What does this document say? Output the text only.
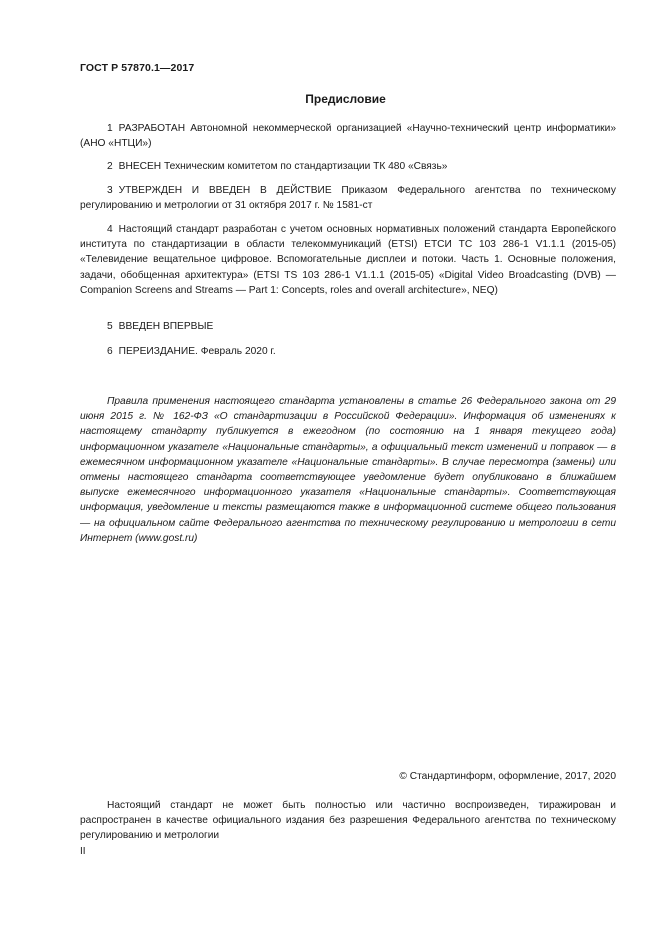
ГОСТ Р 57870.1—2017
Предисловие
1 РАЗРАБОТАН Автономной некоммерческой организацией «Научно-технический центр информатики» (АНО «НТЦИ»)
2 ВНЕСЕН Техническим комитетом по стандартизации ТК 480 «Связь»
3 УТВЕРЖДЕН И ВВЕДЕН В ДЕЙСТВИЕ Приказом Федерального агентства по техническому регулированию и метрологии от 31 октября 2017 г. № 1581-ст
4 Настоящий стандарт разработан с учетом основных нормативных положений стандарта Европейского института по стандартизации в области телекоммуникаций (ETSI) ЕТСИ TC 103 286-1 V1.1.1 (2015-05) «Телевидение вещательное цифровое. Вспомогательные дисплеи и потоки. Часть 1. Основные положения, задачи, обобщенная архитектура» (ETSI TS 103 286-1 V1.1.1 (2015-05) «Digital Video Broadcasting (DVB) — Companion Screens and Streams — Part 1: Concepts, roles and overall architecture», NEQ)
5 ВВЕДЕН ВПЕРВЫЕ
6 ПЕРЕИЗДАНИЕ. Февраль 2020 г.
Правила применения настоящего стандарта установлены в статье 26 Федерального закона от 29 июня 2015 г. № 162-ФЗ «О стандартизации в Российской Федерации». Информация об изменениях к настоящему стандарту публикуется в ежегодном (по состоянию на 1 января текущего года) информационном указателе «Национальные стандарты», а официальный текст изменений и поправок — в ежемесячном информационном указателе «Национальные стандарты». В случае пересмотра (замены) или отмены настоящего стандарта соответствующее уведомление будет опубликовано в ближайшем выпуске ежемесячного информационного указателя «Национальные стандарты». Соответствующая информация, уведомление и тексты размещаются также в информационной системе общего пользования — на официальном сайте Федерального агентства по техническому регулированию и метрологии в сети Интернет (www.gost.ru)
© Стандартинформ, оформление, 2017, 2020
Настоящий стандарт не может быть полностью или частично воспроизведен, тиражирован и распространен в качестве официального издания без разрешения Федерального агентства по техническому регулированию и метрологии
II
